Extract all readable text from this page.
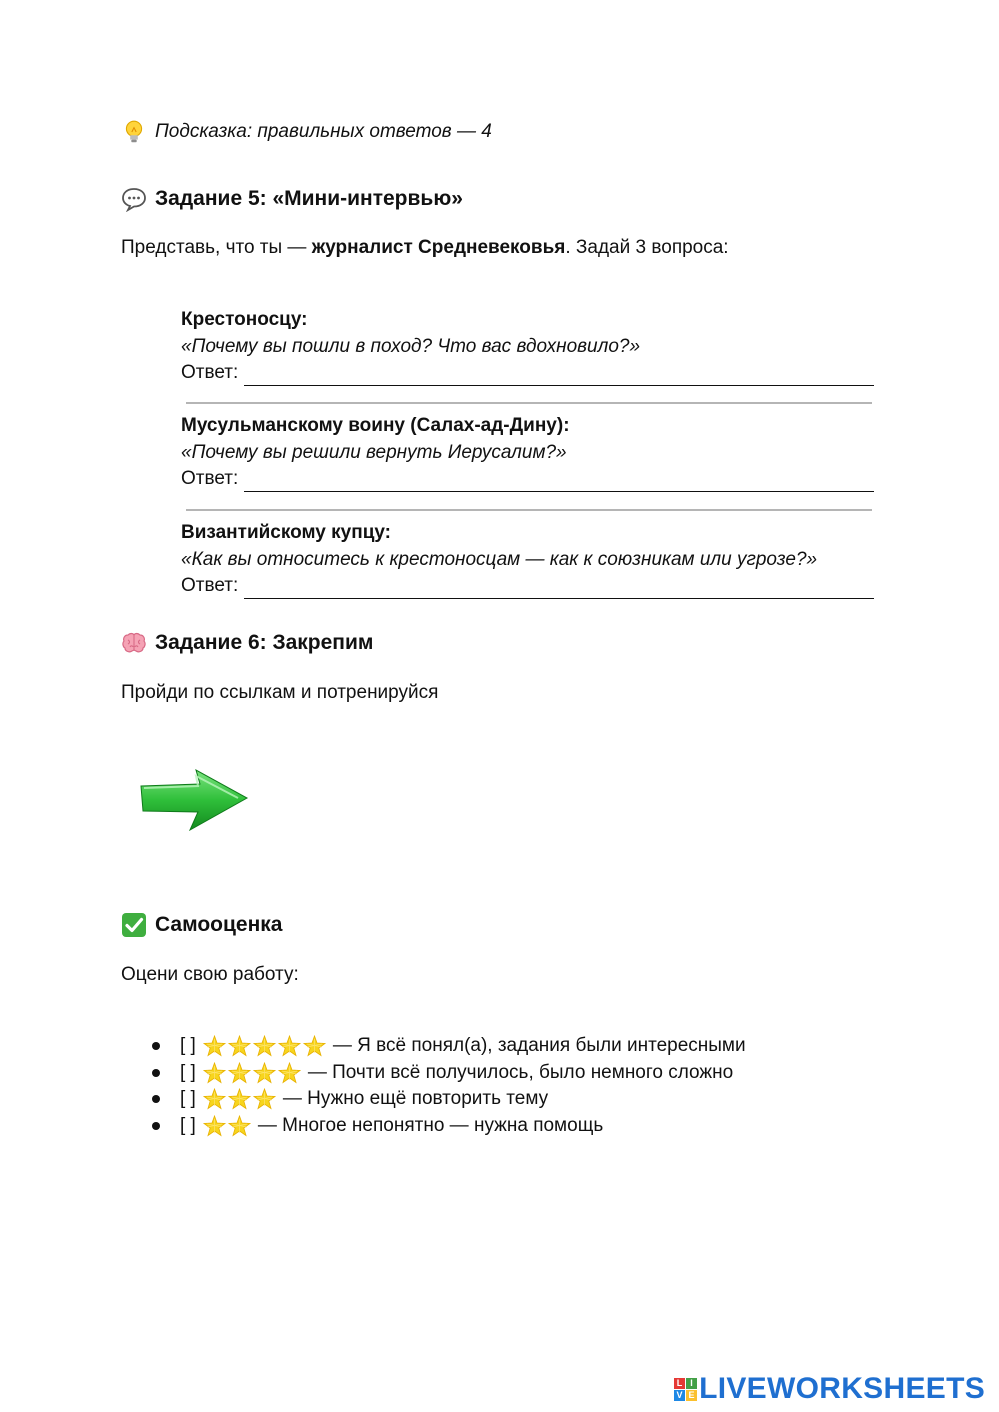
Подсказка: правильных ответов — 4
Задание 5: «Мини-интервью»
Представь, что ты — журналист Средневековья. Задай 3 вопроса:
Крестоносцу:
«Почему вы пошли в поход? Что вас вдохновило?»
Ответ:
Мусульманскому воину (Салах-ад-Дину):
«Почему вы решили вернуть Иерусалим?»
Ответ:
Византийскому купцу:
«Как вы относитесь к крестоносцам — как к союзникам или угрозе?»
Ответ:
Задание 6: Закрепим
Пройди по ссылкам и потренируйся
Самооценка
Оцени свою работу:
[ ]	— Я всё понял(а), задания были интересными
[ ]	— Почти всё получилось, было немного сложно
[ ]	— Нужно ещё повторить тему
[ ]	— Многое непонятно — нужна помощь
L I
V E LIVEWORKSHEETS
